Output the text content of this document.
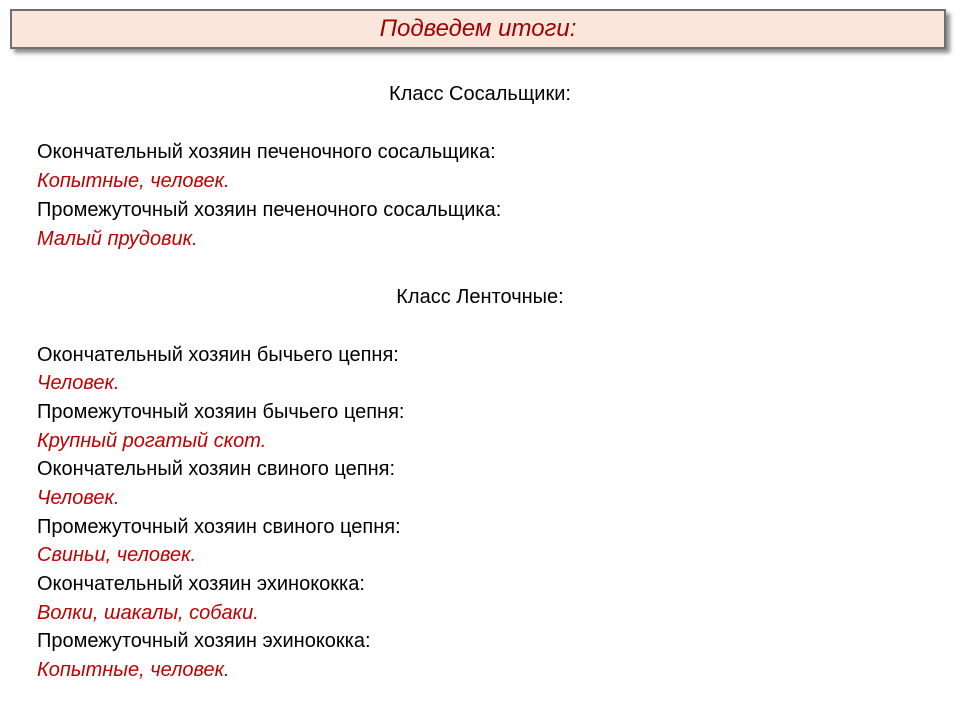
Подведем итоги:
Класс Сосальщики:
Окончательный хозяин печеночного сосальщика:
Копытные, человек.
Промежуточный хозяин печеночного сосальщика:
Малый прудовик.
Класс Ленточные:
Окончательный хозяин бычьего цепня:
Человек.
Промежуточный хозяин бычьего цепня:
Крупный рогатый скот.
Окончательный хозяин свиного цепня:
Человек.
Промежуточный хозяин свиного цепня:
Свиньи, человек.
Окончательный хозяин эхинококка:
Волки, шакалы, собаки.
Промежуточный хозяин эхинококка:
Копытные, человек.
